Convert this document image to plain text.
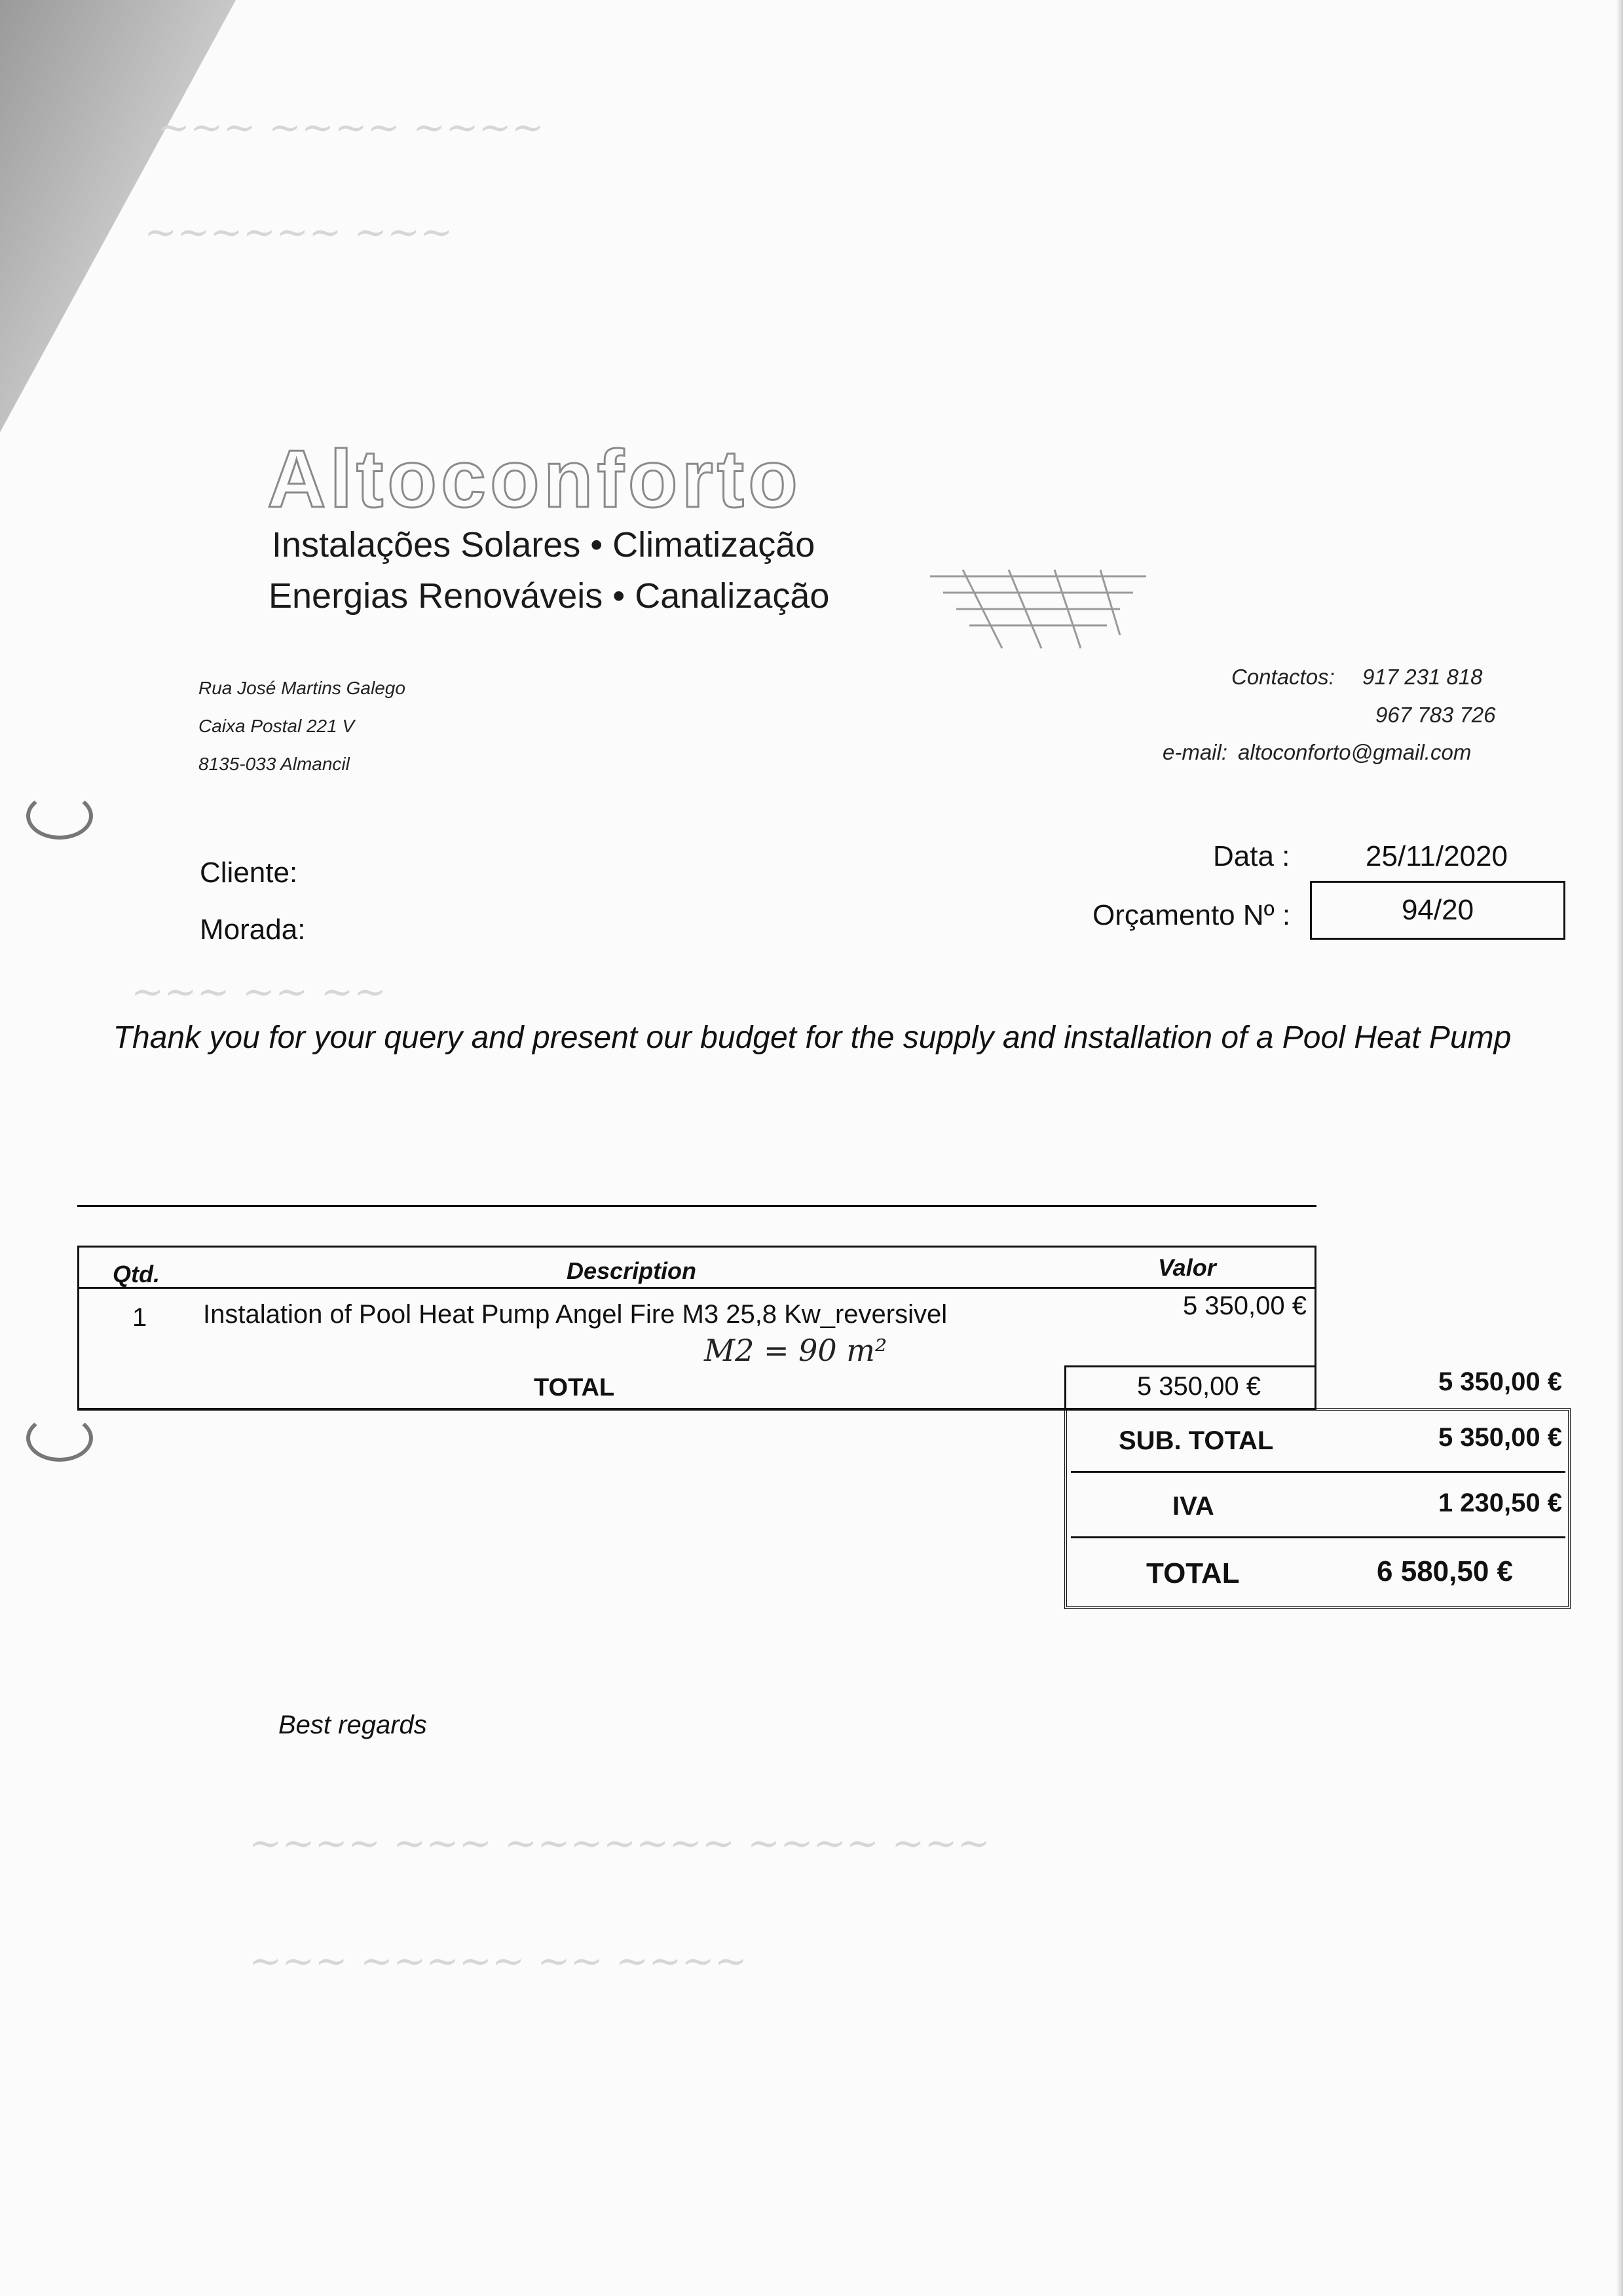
~~~ ~~~~ ~~~~
~~~~~~ ~~~
~~~ ~~ ~~
~~~~ ~~~ ~~~~~~~ ~~~~ ~~~
~~~ ~~~~~ ~~ ~~~~
Altoconforto
Instalações Solares • Climatização
Energias Renováveis • Canalização
Rua José Martins Galego
Caixa Postal 221 V
8135-033 Almancil
Contactos: 917 231 818
967 783 726
e-mail: altoconforto@gmail.com
Cliente:
Morada:
Data :	25/11/2020
Orçamento Nº :	94/20
Thank you for your query and present our budget for the supply and installation of a Pool Heat Pump
Qtd.	Description	Valor
1 Instalation of Pool Heat Pump Angel Fire M3 25,8 Kw_reversivel	5 350,00 €
M2 = 90 m²
TOTAL	5 350,00 €	5 350,00 €
SUB. TOTAL	5 350,00 €
IVA	1 230,50 €
TOTAL	6 580,50 €
Best regards
